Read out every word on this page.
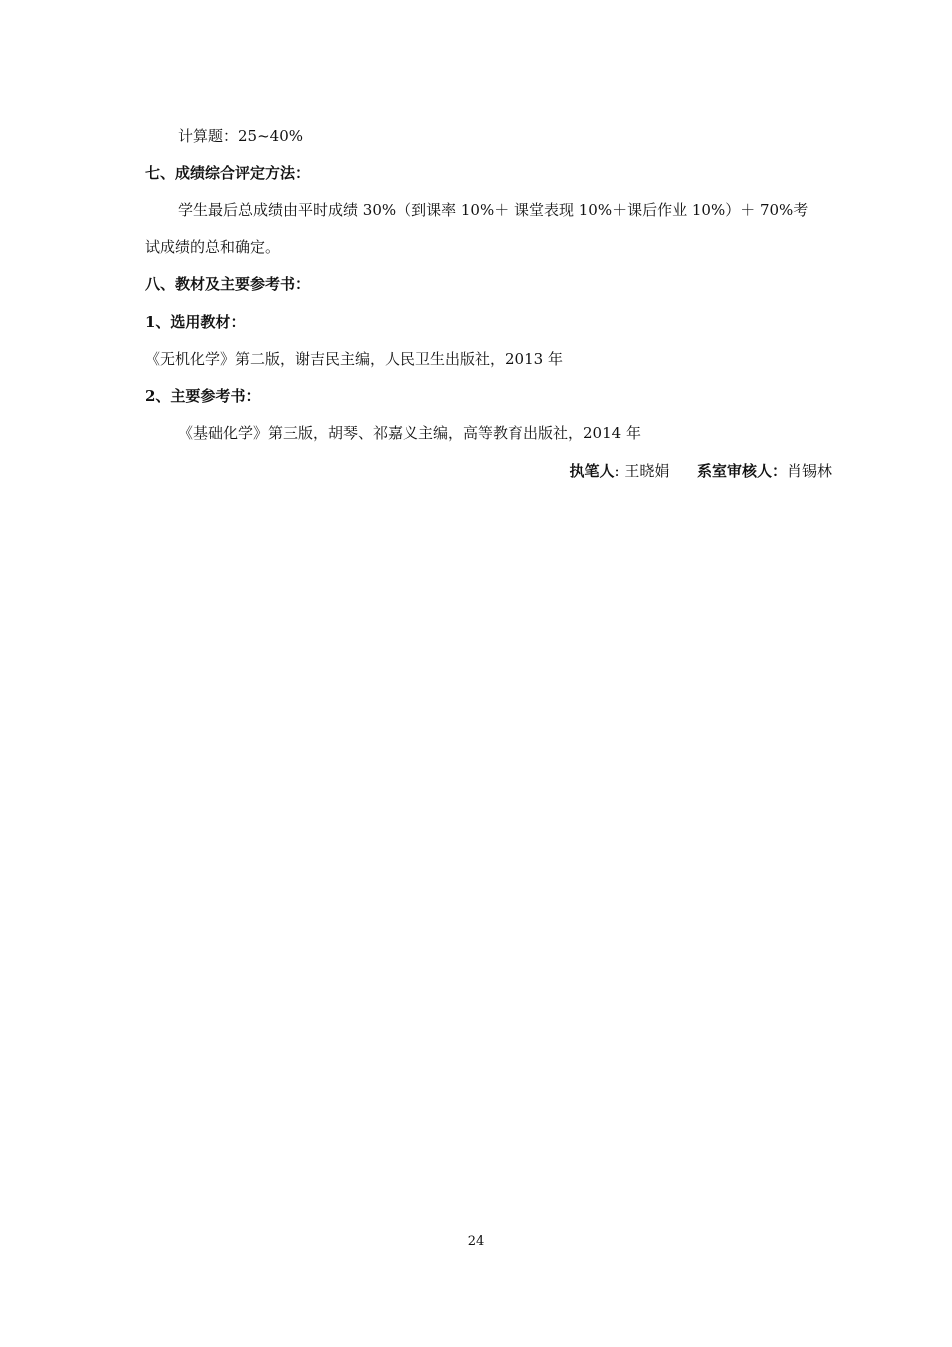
计算题：25~40%
七、成绩综合评定方法：
学生最后总成绩由平时成绩 30%（到课率 10%＋ 课堂表现 10%＋课后作业 10%）＋ 70%考
试成绩的总和确定。
八、教材及主要参考书：
1、选用教材：
《无机化学》第二版，谢吉民主编，人民卫生出版社，2013 年
2、主要参考书：
《基础化学》第三版，胡琴、祁嘉义主编，高等教育出版社，2014 年
执笔人: 王晓娟 系室审核人：肖锡林
24
